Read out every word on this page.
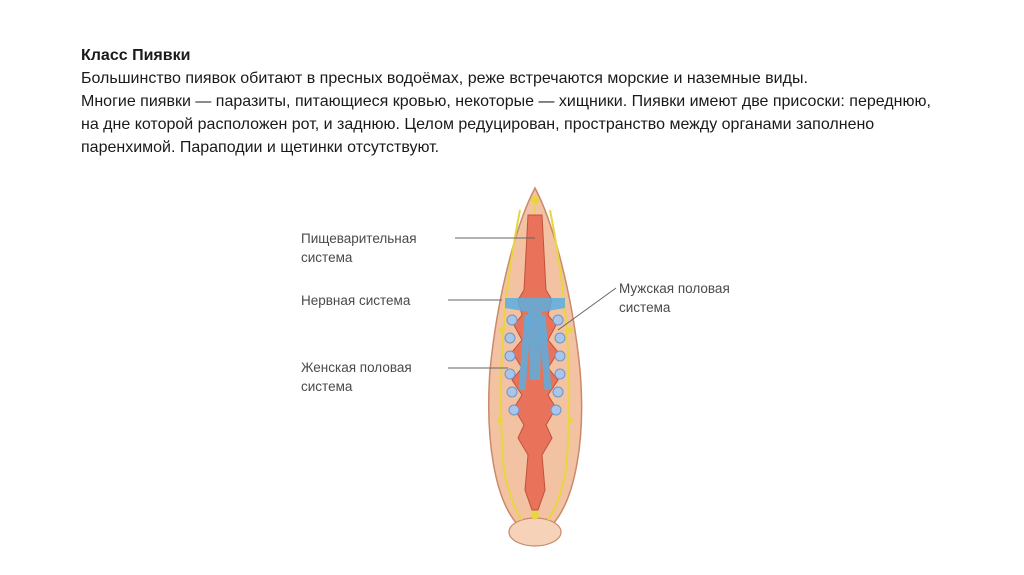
Класс Пиявки

Большинство пиявок обитают в пресных водоёмах, реже встречаются морские и наземные виды.

Многие пиявки — паразиты, питающиеся кровью, некоторые — хищники. Пиявки имеют две присоски: переднюю, на дне которой расположен рот, и заднюю. Целом редуцирован, пространство между органами заполнено паренхимой. Параподии и щетинки отсутствуют.

Пищеварительная
система
Нервная система
Женская половая
система
Мужская половая
система
